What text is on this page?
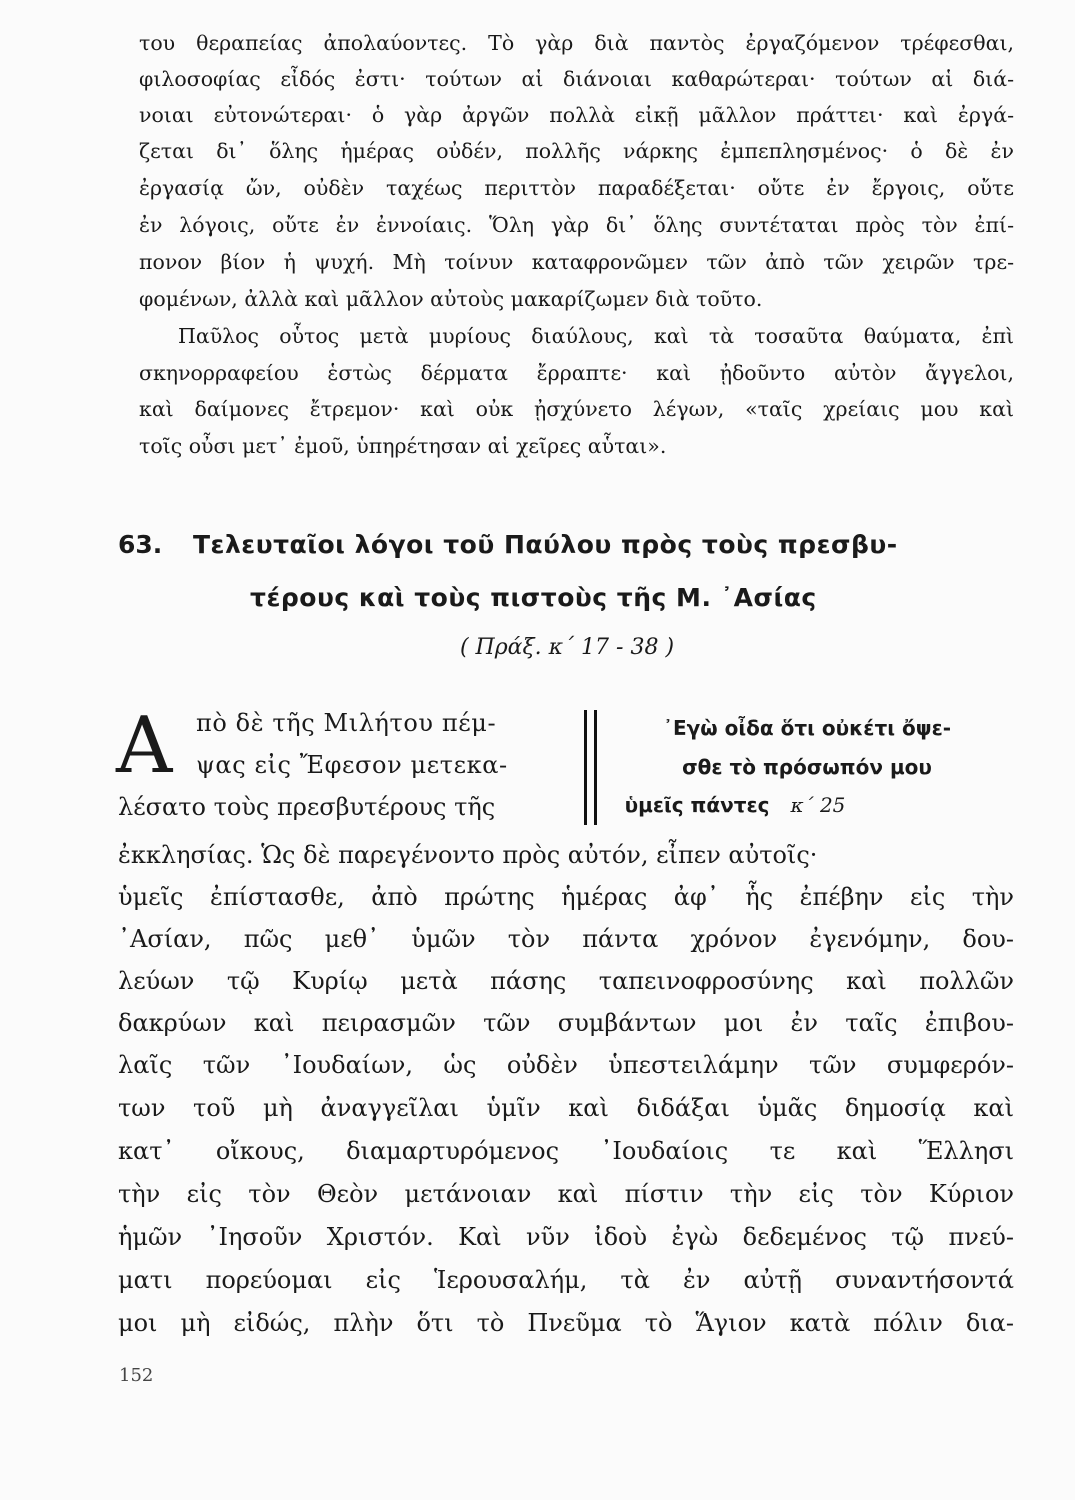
του θεραπείας ἀπολαύοντες. Τὸ γὰρ διὰ παντὸς ἐργαζόμενον τρέφεσθαι,
φιλοσοφίας εἶδός ἐστι· τούτων αἱ διάνοιαι καθαρώτεραι· τούτων αἱ διά-
νοιαι εὐτονώτεραι· ὁ γὰρ ἀργῶν πολλὰ εἰκῇ μᾶλλον πράττει· καὶ ἐργά-
ζεται δι᾿ ὅλης ἡμέρας οὐδέν, πολλῆς νάρκης ἐμπεπλησμένος· ὁ δὲ ἐν
ἐργασίᾳ ὤν, οὐδὲν ταχέως περιττὸν παραδέξεται· οὔτε ἐν ἔργοις, οὔτε
ἐν λόγοις, οὔτε ἐν ἐννοίαις. Ὅλη γὰρ δι᾿ ὅλης συντέταται πρὸς τὸν ἐπί-
πονον βίον ἡ ψυχή. Μὴ τοίνυν καταφρονῶμεν τῶν ἀπὸ τῶν χειρῶν τρε-
φομένων, ἀλλὰ καὶ μᾶλλον αὐτοὺς μακαρίζωμεν διὰ τοῦτο.
Παῦλος οὗτος μετὰ μυρίους διαύλους, καὶ τὰ τοσαῦτα θαύματα, ἐπὶ
σκηνορραφείου ἑστὼς δέρματα ἔρραπτε· καὶ ᾐδοῦντο αὐτὸν ἄγγελοι,
καὶ δαίμονες ἔτρεμον· καὶ οὐκ ᾐσχύνετο λέγων, «ταῖς χρείαις μου καὶ
τοῖς οὖσι μετ᾿ ἐμοῦ, ὑπηρέτησαν αἱ χεῖρες αὗται».
63. Τελευταῖοι λόγοι τοῦ Παύλου πρὸς τοὺς πρεσβυ-
τέρους καὶ τοὺς πιστοὺς τῆς Μ. ᾿Ασίας
( Πράξ. κ΄ 17 - 38 )
Α πὸ δὲ τῆς Μιλήτου πέμ-
ψας εἰς Ἔφεσον μετεκα-
λέσατο τοὺς πρεσβυτέρους τῆς
᾿Εγὼ οἶδα ὅτι οὐκέτι ὄψε-
σθε τὸ πρόσωπόν μου
ὑμεῖς πάντες κ΄ 25
ἐκκλησίας. Ὡς δὲ παρεγένοντο πρὸς αὐτόν, εἶπεν αὐτοῖς·
ὑμεῖς ἐπίστασθε, ἀπὸ πρώτης ἡμέρας ἀφ᾿ ἧς ἐπέβην εἰς τὴν
᾿Ασίαν, πῶς μεθ᾿ ὑμῶν τὸν πάντα χρόνον ἐγενόμην, δου-
λεύων τῷ Κυρίῳ μετὰ πάσης ταπεινοφροσύνης καὶ πολλῶν
δακρύων καὶ πειρασμῶν τῶν συμβάντων μοι ἐν ταῖς ἐπιβου-
λαῖς τῶν ᾿Ιουδαίων, ὡς οὐδὲν ὑπεστειλάμην τῶν συμφερόν-
των τοῦ μὴ ἀναγγεῖλαι ὑμῖν καὶ διδάξαι ὑμᾶς δημοσίᾳ καὶ
κατ᾿ οἴκους, διαμαρτυρόμενος ᾿Ιουδαίοις τε καὶ Ἕλλησι
τὴν εἰς τὸν Θεὸν μετάνοιαν καὶ πίστιν τὴν εἰς τὸν Κύριον
ἡμῶν ᾿Ιησοῦν Χριστόν. Καὶ νῦν ἰδοὺ ἐγὼ δεδεμένος τῷ πνεύ-
ματι πορεύομαι εἰς Ἱερουσαλήμ, τὰ ἐν αὐτῇ συναντήσοντά
μοι μὴ εἰδώς, πλὴν ὅτι τὸ Πνεῦμα τὸ Ἅγιον κατὰ πόλιν δια-
152
